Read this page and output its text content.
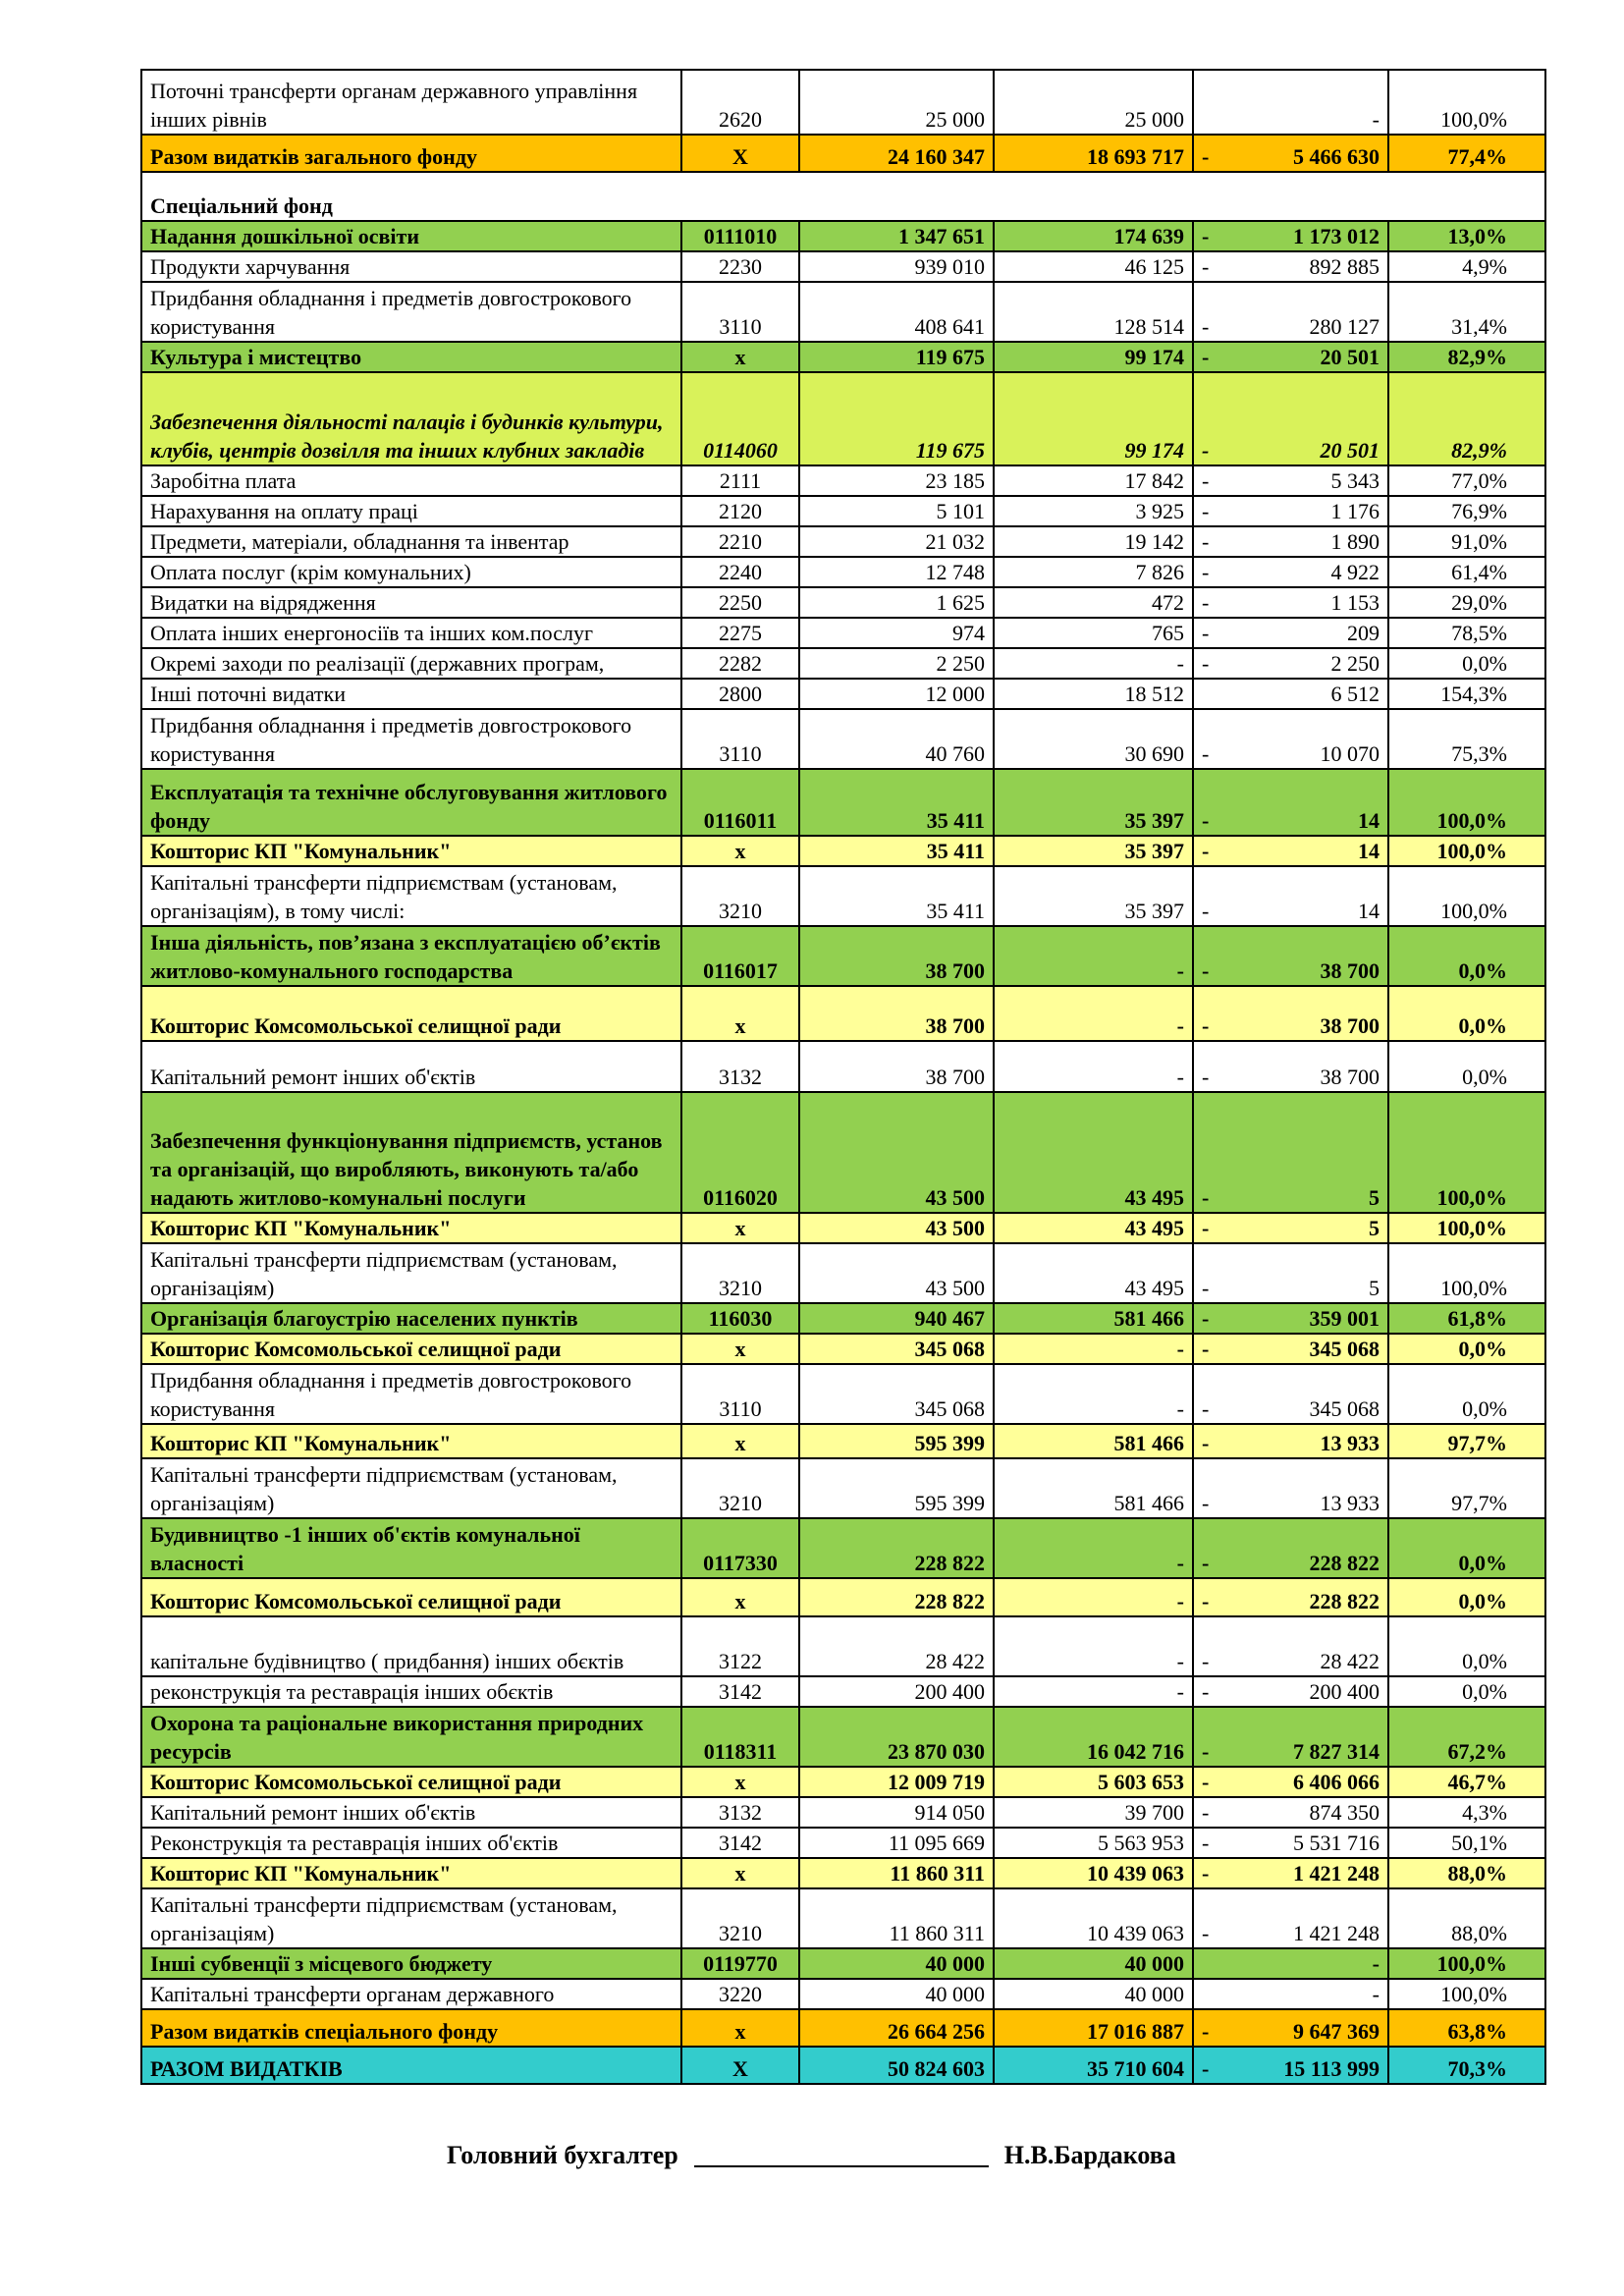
Поточні трансферти органам державного управління інших рівнів	2620	25 000	25 000		-	100,0%
Разом видатків загального фонду	Х	24 160 347	18 693 717	-	5 466 630	77,4%
Спеціальний фонд						
Надання дошкільної освіти	0111010	1 347 651	174 639	-	1 173 012	13,0%
Продукти харчування	2230	939 010	46 125	-	892 885	4,9%
Придбання обладнання і предметів довгострокового користування	3110	408 641	128 514	-	280 127	31,4%
Культура і мистецтво	х	119 675	99 174	-	20 501	82,9%
Забезпечення діяльності палаців і будинків культури, клубів, центрів дозвілля та інших клубних закладів	0114060	119 675	99 174	-	20 501	82,9%
Заробітна плата	2111	23 185	17 842	-	5 343	77,0%
Нарахування на оплату праці	2120	5 101	3 925	-	1 176	76,9%
Предмети, матеріали, обладнання та інвентар	2210	21 032	19 142	-	1 890	91,0%
Оплата послуг (крім комунальних)	2240	12 748	7 826	-	4 922	61,4%
Видатки на відрядження	2250	1 625	472	-	1 153	29,0%
Оплата інших енергоносіїв та інших ком.послуг	2275	974	765	-	209	78,5%
Окремі заходи по реалізації (державних програм,	2282	2 250	-	-	2 250	0,0%
Інші поточні видатки	2800	12 000	18 512		6 512	154,3%
Придбання обладнання і предметів довгострокового користування	3110	40 760	30 690	-	10 070	75,3%
Експлуатація та технічне обслуговування житлового фонду	0116011	35 411	35 397	-	14	100,0%
Кошторис КП "Комунальник"	х	35 411	35 397	-	14	100,0%
Капітальні трансферти підприємствам (установам, організаціям), в тому числі:	3210	35 411	35 397	-	14	100,0%
Інша діяльність, пов’язана з експлуатацією об’єктів житлово-комунального господарства	0116017	38 700	-	-	38 700	0,0%
Кошторис Комсомольської селищної ради	х	38 700	-	-	38 700	0,0%
Капітальний ремонт інших об'єктів	3132	38 700	-	-	38 700	0,0%
Забезпечення функціонування підприємств, установ та організацій, що виробляють, виконують та/або надають житлово-комунальні послуги	0116020	43 500	43 495	-	5	100,0%
Кошторис КП "Комунальник"	х	43 500	43 495	-	5	100,0%
Капітальні трансферти підприємствам (установам, організаціям)	3210	43 500	43 495	-	5	100,0%
Організація благоустрію населених пунктів	116030	940 467	581 466	-	359 001	61,8%
Кошторис Комсомольської селищної ради	х	345 068	-	-	345 068	0,0%
Придбання обладнання і предметів довгострокового користування	3110	345 068	-	-	345 068	0,0%
Кошторис КП "Комунальник"	х	595 399	581 466	-	13 933	97,7%
Капітальні трансферти підприємствам (установам, організаціям)	3210	595 399	581 466	-	13 933	97,7%
Будивництво -1 інших об'єктів комунальної власності	0117330	228 822	-	-	228 822	0,0%
Кошторис Комсомольської селищної ради	х	228 822	-	-	228 822	0,0%
капітальне будівництво ( придбання) інших обєктів	3122	28 422	-	-	28 422	0,0%
реконструкція та реставрація інших обєктів	3142	200 400	-	-	200 400	0,0%
Охорона та раціональне використання природних ресурсів	0118311	23 870 030	16 042 716	-	7 827 314	67,2%
Кошторис Комсомольської селищної ради	х	12 009 719	5 603 653	-	6 406 066	46,7%
Капітальний ремонт інших об'єктів	3132	914 050	39 700	-	874 350	4,3%
Реконструкція та реставрація інших об'єктів	3142	11 095 669	5 563 953	-	5 531 716	50,1%
Кошторис КП "Комунальник"	х	11 860 311	10 439 063	-	1 421 248	88,0%
Капітальні трансферти підприємствам (установам, організаціям)	3210	11 860 311	10 439 063	-	1 421 248	88,0%
Інші субвенції з місцевого бюджету	0119770	40 000	40 000		-	100,0%
Капітальні трансферти органам державного	3220	40 000	40 000		-	100,0%
Разом видатків спеціального фонду	х	26 664 256	17 016 887	-	9 647 369	63,8%
РАЗОМ ВИДАТКІВ	Х	50 824 603	35 710 604	-	15 113 999	70,3%
Головний бухгалтер	Н.В.Бардакова
